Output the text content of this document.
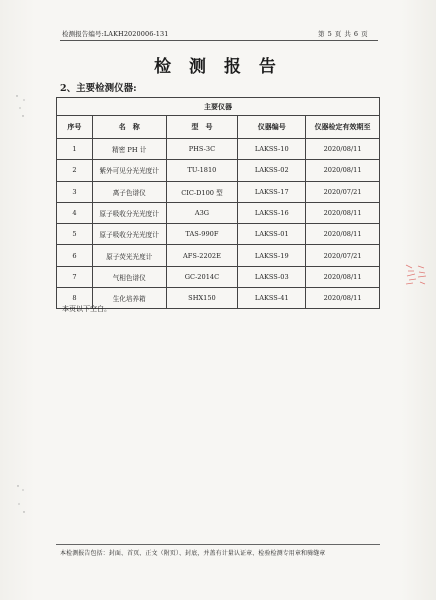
检测报告编号:LAKH2020006-131	第 5 页 共 6 页
检 测 报 告
2、主要检测仪器:
主要仪器				
序号	名　称	型　号	仪器编号	仪器检定有效期至
1	精密 PH 计	PHS-3C	LAKSS-10	2020/08/11
2	紫外可见分光光度计	TU-1810	LAKSS-02	2020/08/11
3	离子色谱仪	CIC-D100 型	LAKSS-17	2020/07/21
4	原子吸收分光光度计	A3G	LAKSS-16	2020/08/11
5	原子吸收分光光度计	TAS-990F	LAKSS-01	2020/08/11
6	原子荧光光度计	AFS-2202E	LAKSS-19	2020/07/21
7	气相色谱仪	GC-2014C	LAKSS-03	2020/08/11
8	生化培养箱	SHX150	LAKSS-41	2020/08/11
本页以下空白。
本检测报告包括：封面、首页、正文（附页）、封底，并盖有计量认证章、检验检测专用章和骑缝章
